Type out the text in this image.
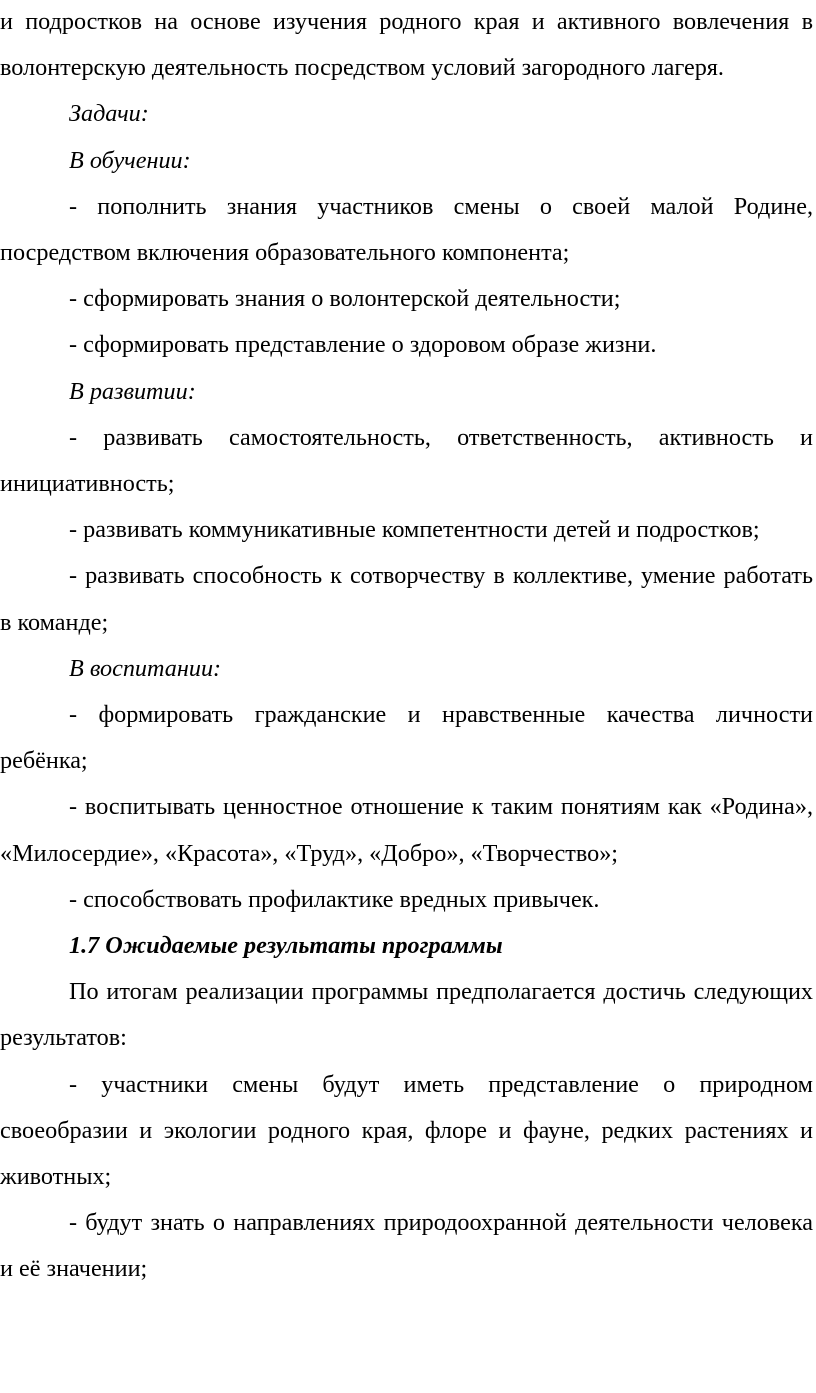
и подростков на основе изучения родного края и активного вовлечения в волонтерскую деятельность посредством условий загородного лагеря.

Задачи:

В обучении:

- пополнить знания участников смены о своей малой Родине, посредством включения образовательного компонента;

- сформировать знания о волонтерской деятельности;

- сформировать представление о здоровом образе жизни.

В развитии:

- развивать самостоятельность, ответственность, активность и инициативность;

- развивать коммуникативные компетентности детей и подростков;

- развивать способность к сотворчеству в коллективе, умение работать в команде;

В воспитании:

- формировать гражданские и нравственные качества личности ребёнка;

- воспитывать ценностное отношение к таким понятиям как «Родина», «Милосердие», «Красота», «Труд», «Добро», «Творчество»;

- способствовать профилактике вредных привычек.

1.7 Ожидаемые результаты программы

По итогам реализации программы предполагается достичь следующих результатов:

- участники смены будут иметь представление о природном своеобразии и экологии родного края, флоре и фауне, редких растениях и животных;

- будут знать о направлениях природоохранной деятельности человека и её значении;
